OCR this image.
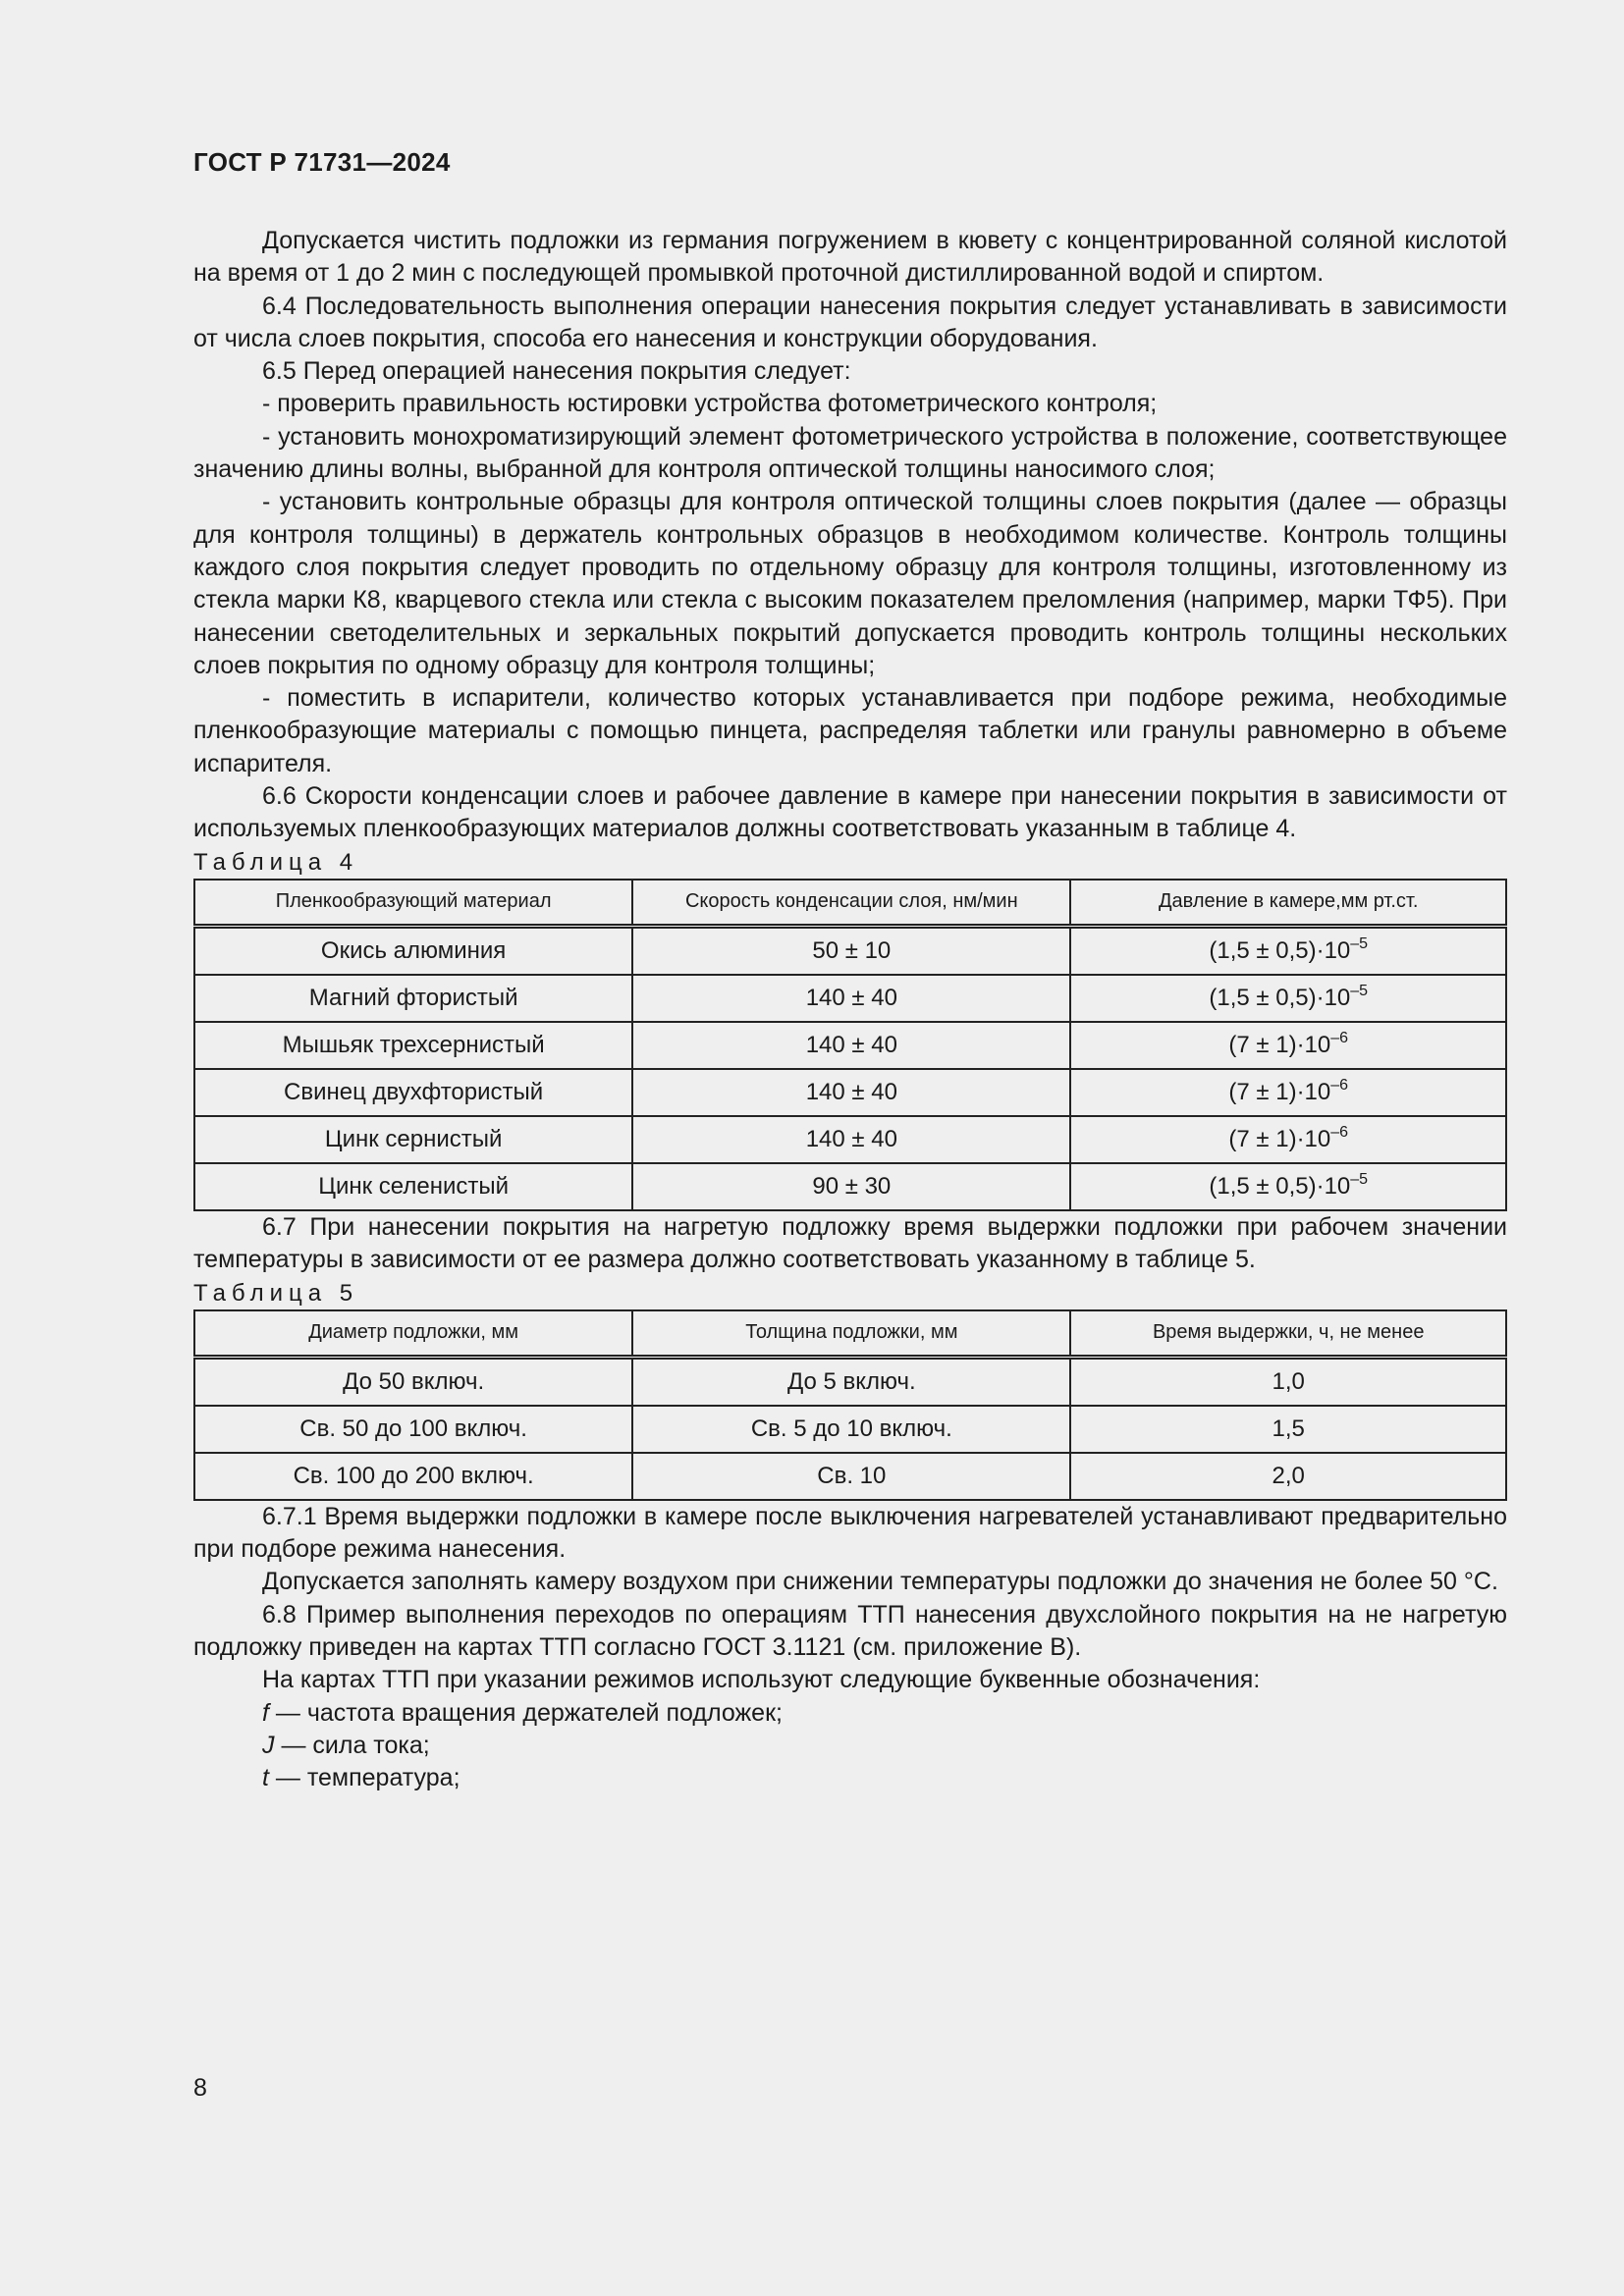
ГОСТ Р 71731—2024

Допускается чистить подложки из германия погружением в кювету с концентрированной соляной кислотой на время от 1 до 2 мин с последующей промывкой проточной дистиллированной водой и спиртом.

6.4 Последовательность выполнения операции нанесения покрытия следует устанавливать в зависимости от числа слоев покрытия, способа его нанесения и конструкции оборудования.

6.5 Перед операцией нанесения покрытия следует:

- проверить правильность юстировки устройства фотометрического контроля;

- установить монохроматизирующий элемент фотометрического устройства в положение, соответствующее значению длины волны, выбранной для контроля оптической толщины наносимого слоя;

- установить контрольные образцы для контроля оптической толщины слоев покрытия (далее — образцы для контроля толщины) в держатель контрольных образцов в необходимом количестве. Контроль толщины каждого слоя покрытия следует проводить по отдельному образцу для контроля толщины, изготовленному из стекла марки К8, кварцевого стекла или стекла с высоким показателем преломления (например, марки ТФ5). При нанесении светоделительных и зеркальных покрытий допускается проводить контроль толщины нескольких слоев покрытия по одному образцу для контроля толщины;

- поместить в испарители, количество которых устанавливается при подборе режима, необходимые пленкообразующие материалы с помощью пинцета, распределяя таблетки или гранулы равномерно в объеме испарителя.

6.6 Скорости конденсации слоев и рабочее давление в камере при нанесении покрытия в зависимости от используемых пленкообразующих материалов должны соответствовать указанным в таблице 4.

Таблица 4

Пленкообразующий материал	Скорость конденсации слоя, нм/мин	Давление в камере,мм рт.ст.
Окись алюминия	50 ± 10	$(1,5 \pm 0,5)\cdot 10^{-5}$
Магний фтористый	140 ± 40	$(1,5 \pm 0,5)\cdot 10^{-5}$
Мышьяк трехсернистый	140 ± 40	$(7 \pm 1)\cdot 10^{-6}$
Свинец двухфтористый	140 ± 40	$(7 \pm 1)\cdot 10^{-6}$
Цинк сернистый	140 ± 40	$(7 \pm 1)\cdot 10^{-6}$
Цинк селенистый	90 ± 30	$(1,5 \pm 0,5)\cdot 10^{-5}$

6.7 При нанесении покрытия на нагретую подложку время выдержки подложки при рабочем значении температуры в зависимости от ее размера должно соответствовать указанному в таблице 5.

Таблица 5

Диаметр подложки, мм	Толщина подложки, мм	Время выдержки, ч, не менее
До 50 включ.	До 5 включ.	1,0
Св. 50 до 100 включ.	Св. 5 до 10 включ.	1,5
Св. 100 до 200 включ.	Св. 10	2,0

6.7.1 Время выдержки подложки в камере после выключения нагревателей устанавливают предварительно при подборе режима нанесения.

Допускается заполнять камеру воздухом при снижении температуры подложки до значения не более 50 °С.

6.8 Пример выполнения переходов по операциям ТТП нанесения двухслойного покрытия на не нагретую подложку приведен на картах ТТП согласно ГОСТ 3.1121 (см. приложение В).

На картах ТТП при указании режимов используют следующие буквенные обозначения:

f — частота вращения держателей подложек;

J — сила тока;

t — температура;

8
